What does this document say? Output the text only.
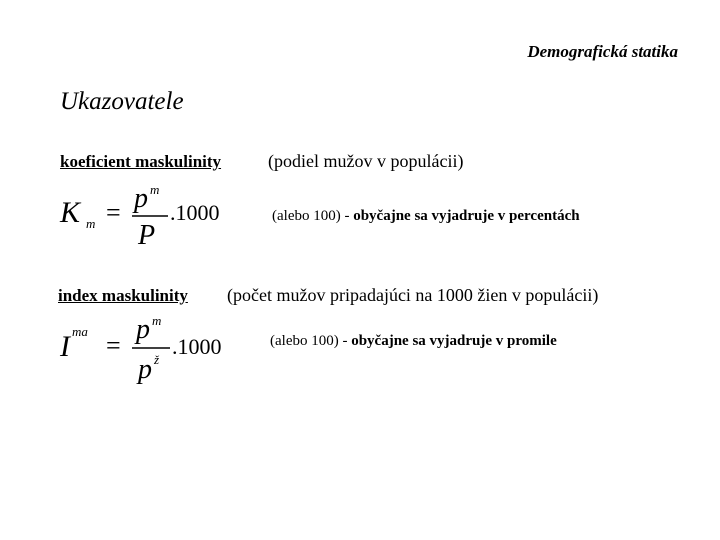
Demografická statika
Ukazovatele
koeficient maskulinity	(podiel mužov v populácii)
K m = p m
P
.1000	(alebo 100) - obyčajne sa vyjadruje v percentách
index maskulinity (počet mužov pripadajúci na 1000 žien v populácii)
I ma =
p m
p ž
.1000	(alebo 100) - obyčajne sa vyjadruje v promile
